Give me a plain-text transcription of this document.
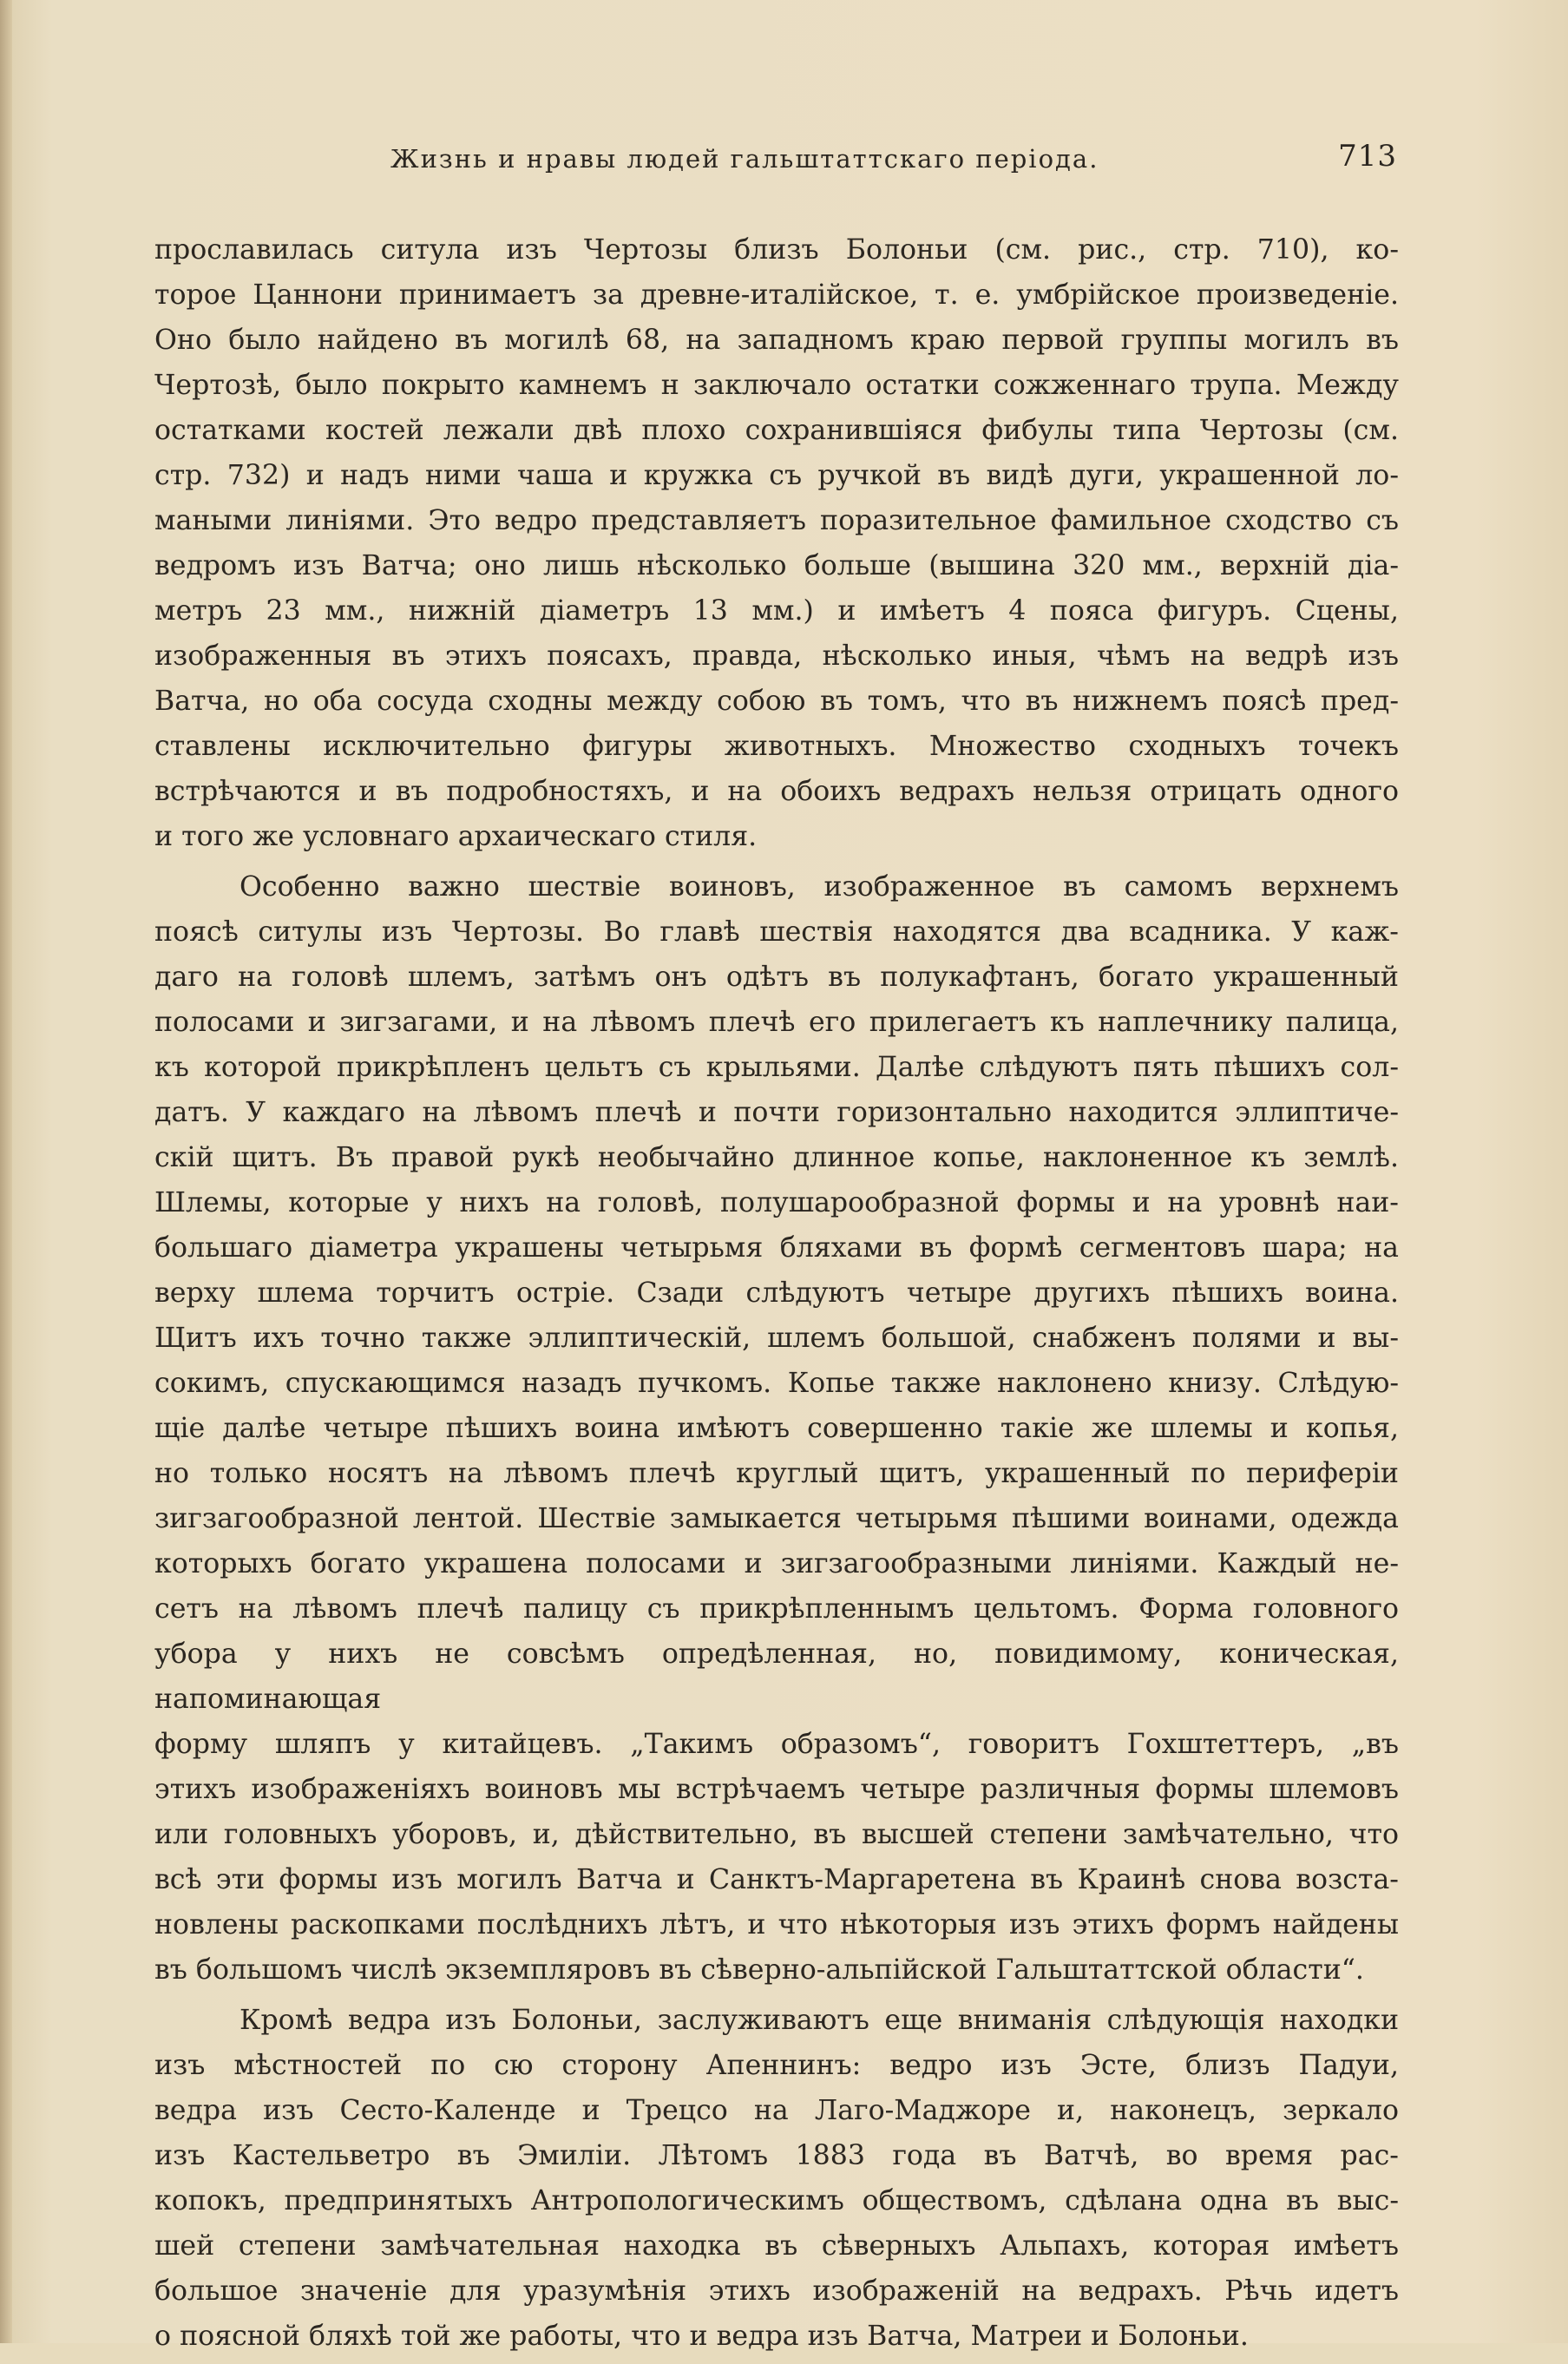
Жизнь и нравы людей гальштаттскаго періода.	713

прославилась ситула изъ Чертозы близъ Болоньи (см. рис., стр. 710), ко-
торое Цаннони принимаетъ за древне-италійское, т. е. умбрійское произведеніе.
Оно было найдено въ могилѣ 68, на западномъ краю первой группы могилъ въ
Чертозѣ, было покрыто камнемъ н заключало остатки сожженнаго трупа. Между
остатками костей лежали двѣ плохо сохранившіяся фибулы типа Чертозы (см.
стр. 732) и надъ ними чаша и кружка съ ручкой въ видѣ дуги, украшенной ло-
маными линіями. Это ведро представляетъ поразительное фамильное сходство съ
ведромъ изъ Ватча; оно лишь нѣсколько больше (вышина 320 мм., верхній діа-
метръ 23 мм., нижній діаметръ 13 мм.) и имѣетъ 4 пояса фигуръ. Сцены,
изображенныя въ этихъ поясахъ, правда, нѣсколько иныя, чѣмъ на ведрѣ изъ
Ватча, но оба сосуда сходны между собою въ томъ, что въ нижнемъ поясѣ пред-
ставлены исключительно фигуры животныхъ. Множество сходныхъ точекъ
встрѣчаются и въ подробностяхъ, и на обоихъ ведрахъ нельзя отрицать одного
и того же условнаго архаическаго стиля.

Особенно важно шествіе воиновъ, изображенное въ самомъ верхнемъ
поясѣ ситулы изъ Чертозы. Во главѣ шествія находятся два всадника. У каж-
даго на головѣ шлемъ, затѣмъ онъ одѣтъ въ полукафтанъ, богато украшенный
полосами и зигзагами, и на лѣвомъ плечѣ его прилегаетъ къ наплечнику палица,
къ которой прикрѣпленъ цельтъ съ крыльями. Далѣе слѣдуютъ пять пѣшихъ сол-
датъ. У каждаго на лѣвомъ плечѣ и почти горизонтально находится эллиптиче-
скій щитъ. Въ правой рукѣ необычайно длинное копье, наклоненное къ землѣ.
Шлемы, которые у нихъ на головѣ, полушарообразной формы и на уровнѣ наи-
большаго діаметра украшены четырьмя бляхами въ формѣ сегментовъ шара; на
верху шлема торчитъ остріе. Сзади слѣдуютъ четыре другихъ пѣшихъ воина.
Щитъ ихъ точно также эллиптическій, шлемъ большой, снабженъ полями и вы-
сокимъ, спускающимся назадъ пучкомъ. Копье также наклонено книзу. Слѣдую-
щіе далѣе четыре пѣшихъ воина имѣютъ совершенно такіе же шлемы и копья,
но только носятъ на лѣвомъ плечѣ круглый щитъ, украшенный по периферіи
зигзагообразной лентой. Шествіе замыкается четырьмя пѣшими воинами, одежда
которыхъ богато украшена полосами и зигзагообразными линіями. Каждый не-
сетъ на лѣвомъ плечѣ палицу съ прикрѣпленнымъ цельтомъ. Форма головного
убора у нихъ не совсѣмъ опредѣленная, но, повидимому, коническая, напоминающая
форму шляпъ у китайцевъ. „Такимъ образомъ“, говоритъ Гохштеттеръ, „въ
этихъ изображеніяхъ воиновъ мы встрѣчаемъ четыре различныя формы шлемовъ
или головныхъ уборовъ, и, дѣйствительно, въ высшей степени замѣчательно, что
всѣ эти формы изъ могилъ Ватча и Санктъ-Маргаретена въ Краинѣ снова возста-
новлены раскопками послѣднихъ лѣтъ, и что нѣкоторыя изъ этихъ формъ найдены
въ большомъ числѣ экземпляровъ въ сѣверно-альпійской Гальштаттской области“.

Кромѣ ведра изъ Болоньи, заслуживаютъ еще вниманія слѣдующія находки
изъ мѣстностей по сю сторону Апеннинъ: ведро изъ Эсте, близъ Падуи,
ведра изъ Сесто-Календе и Трецco на Лаго-Маджоре и, наконецъ, зеркало
изъ Кастельветро въ Эмиліи. Лѣтомъ 1883 года въ Ватчѣ, во время рас-
копокъ, предпринятыхъ Антропологическимъ обществомъ, сдѣлана одна въ выс-
шей степени замѣчательная находка въ сѣверныхъ Альпахъ, которая имѣетъ
большое значеніе для уразумѣнія этихъ изображеній на ведрахъ. Рѣчь идетъ
о поясной бляхѣ той же работы, что и ведра изъ Ватча, Матреи и Болоньи.
